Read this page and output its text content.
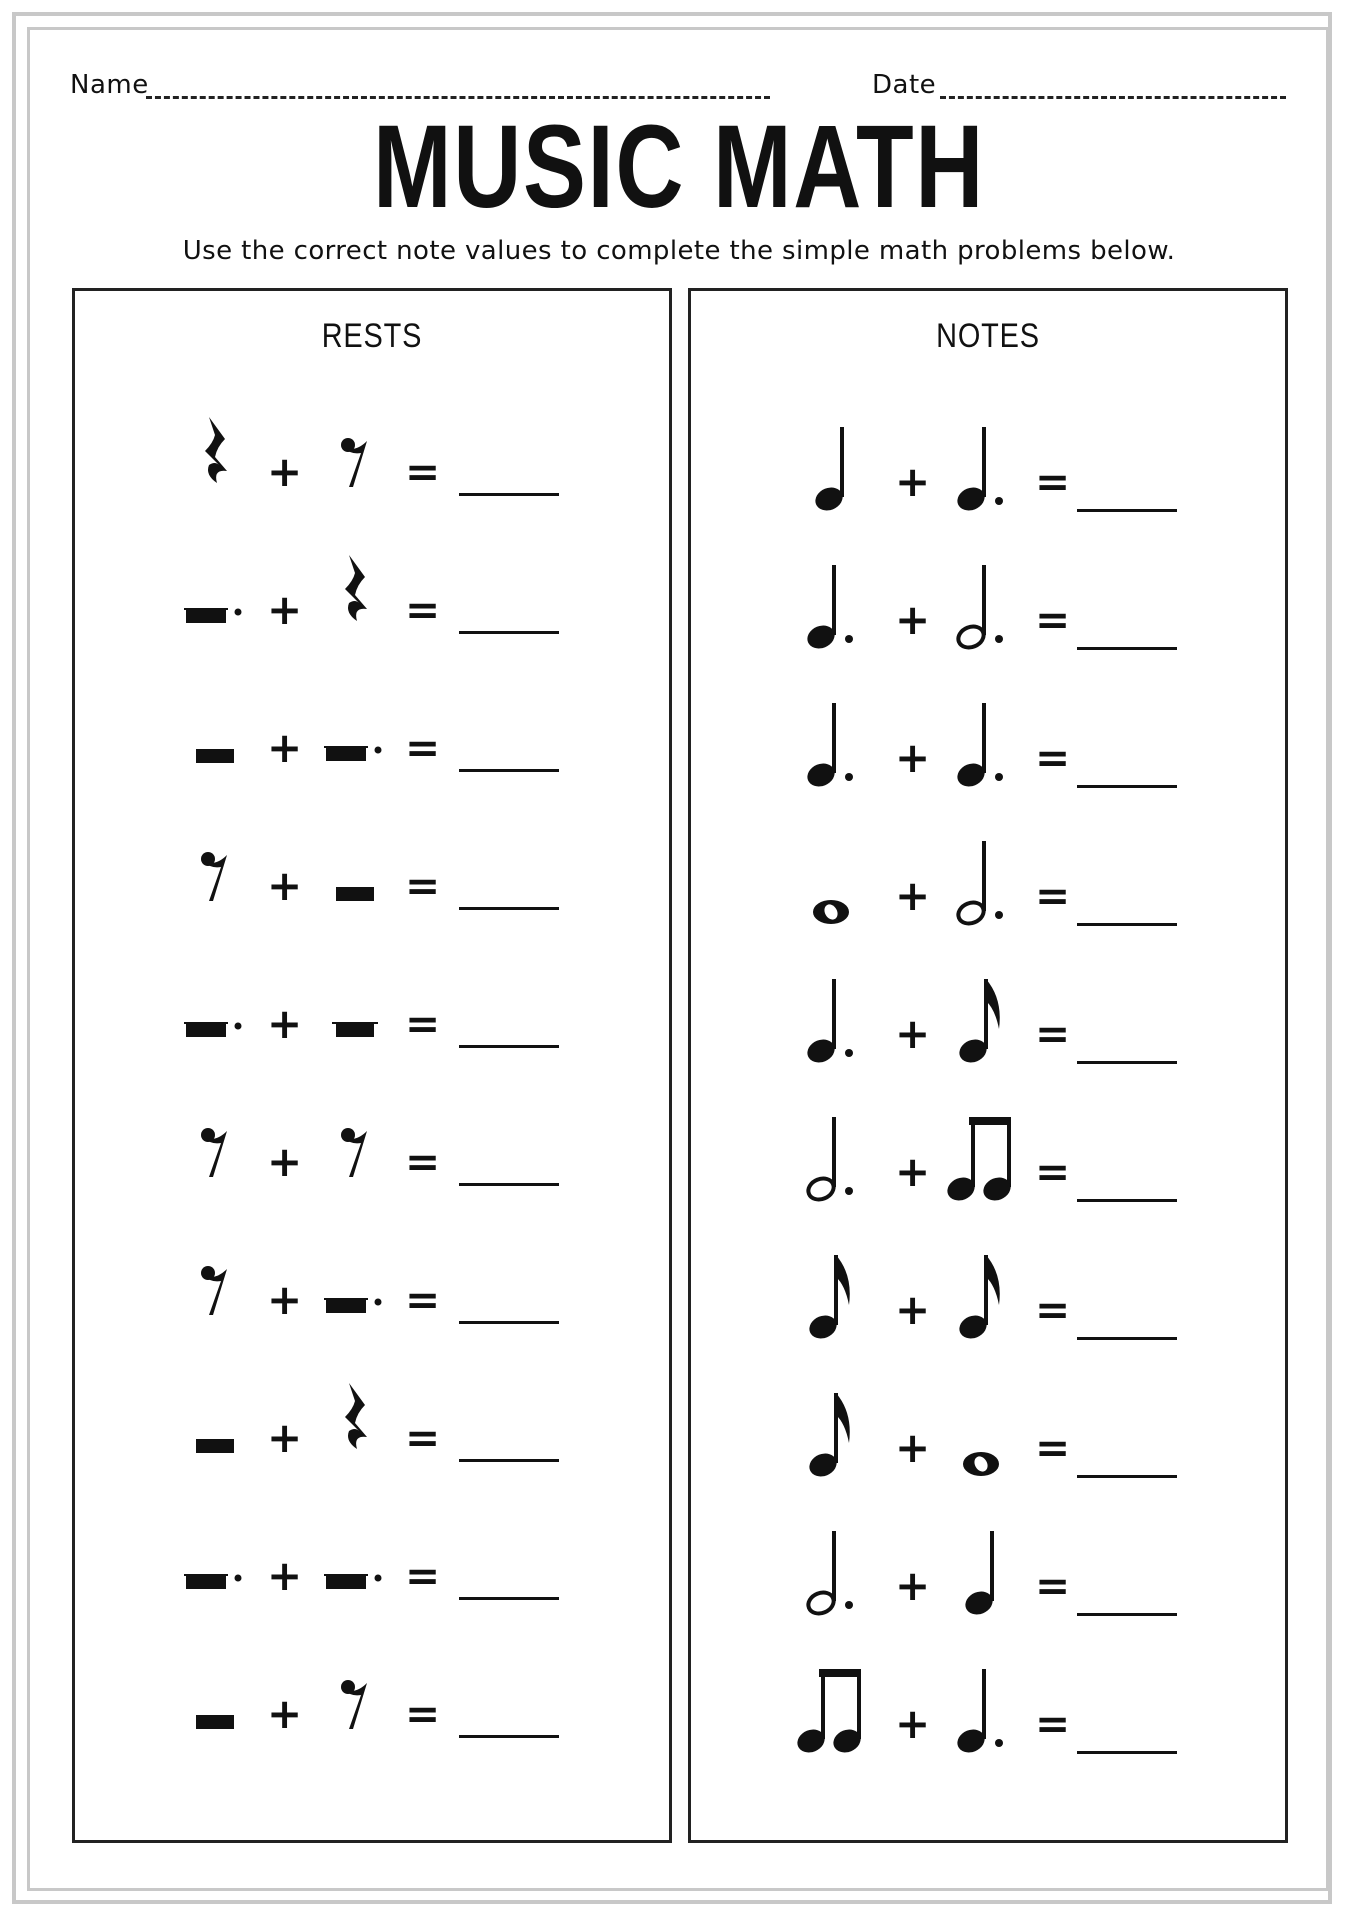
Name	Date
MUSIC MATH
Use the correct note values to complete the simple math problems below.
RESTS
+ =
+ =
+ =
+ =
+ =
+ =
+ =
+ =
+ =
+ =
NOTES
+ =
+ =
+ =
+ =
+ =
+ =
+ =
+ =
+ =
+ =
